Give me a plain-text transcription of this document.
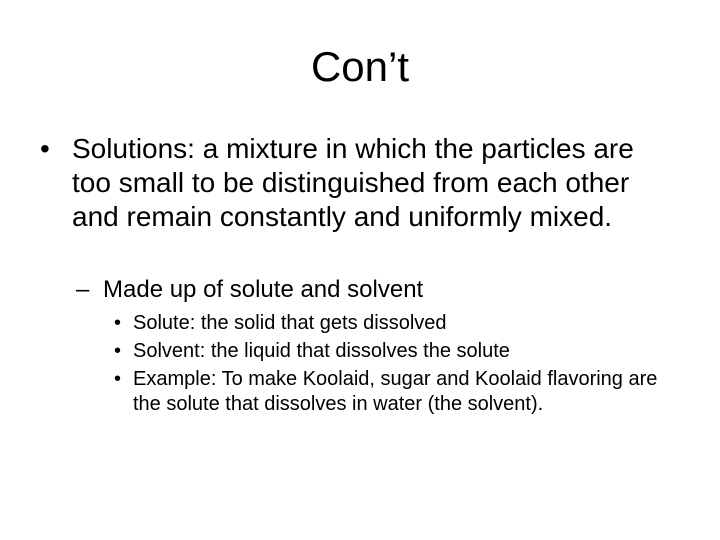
Con’t
• Solutions: a mixture in which the particles are too small to be distinguished from each other and remain constantly and uniformly mixed.
– Made up of solute and solvent
• Solute: the solid that gets dissolved
• Solvent: the liquid that dissolves the solute
• Example: To make Koolaid, sugar and Koolaid flavoring are the solute that dissolves in water (the solvent).
